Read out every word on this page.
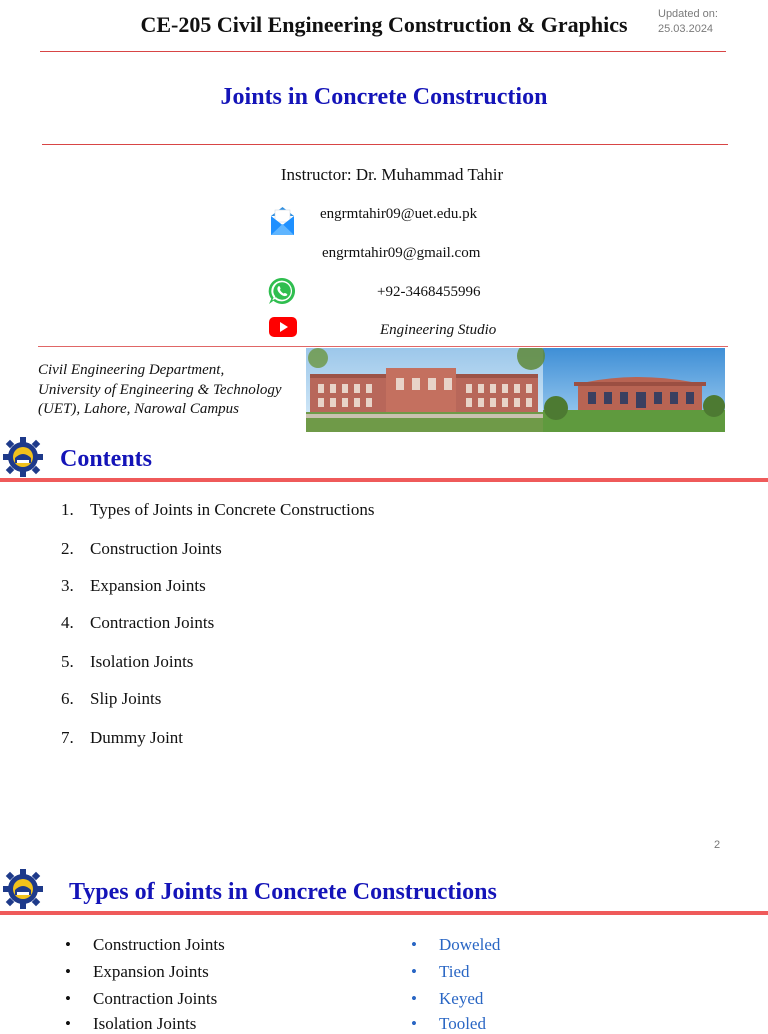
CE-205 Civil Engineering Construction & Graphics	Updated on:
25.03.2024
Joints in Concrete Construction
Instructor: Dr. Muhammad Tahir
engrmtahir09@uet.edu.pk
engrmtahir09@gmail.com
+92-3468455996
Engineering Studio
Civil Engineering Department,
University of Engineering & Technology
(UET), Lahore, Narowal Campus
Contents
1. Types of Joints in Concrete Constructions
2. Construction Joints
3. Expansion Joints
4. Contraction Joints
5. Isolation Joints
6. Slip Joints
7. Dummy Joint
2
Types of Joints in Concrete Constructions
• Construction Joints
• Expansion Joints
• Contraction Joints
• Isolation Joints
• Doweled
• Tied
• Keyed
• Tooled
